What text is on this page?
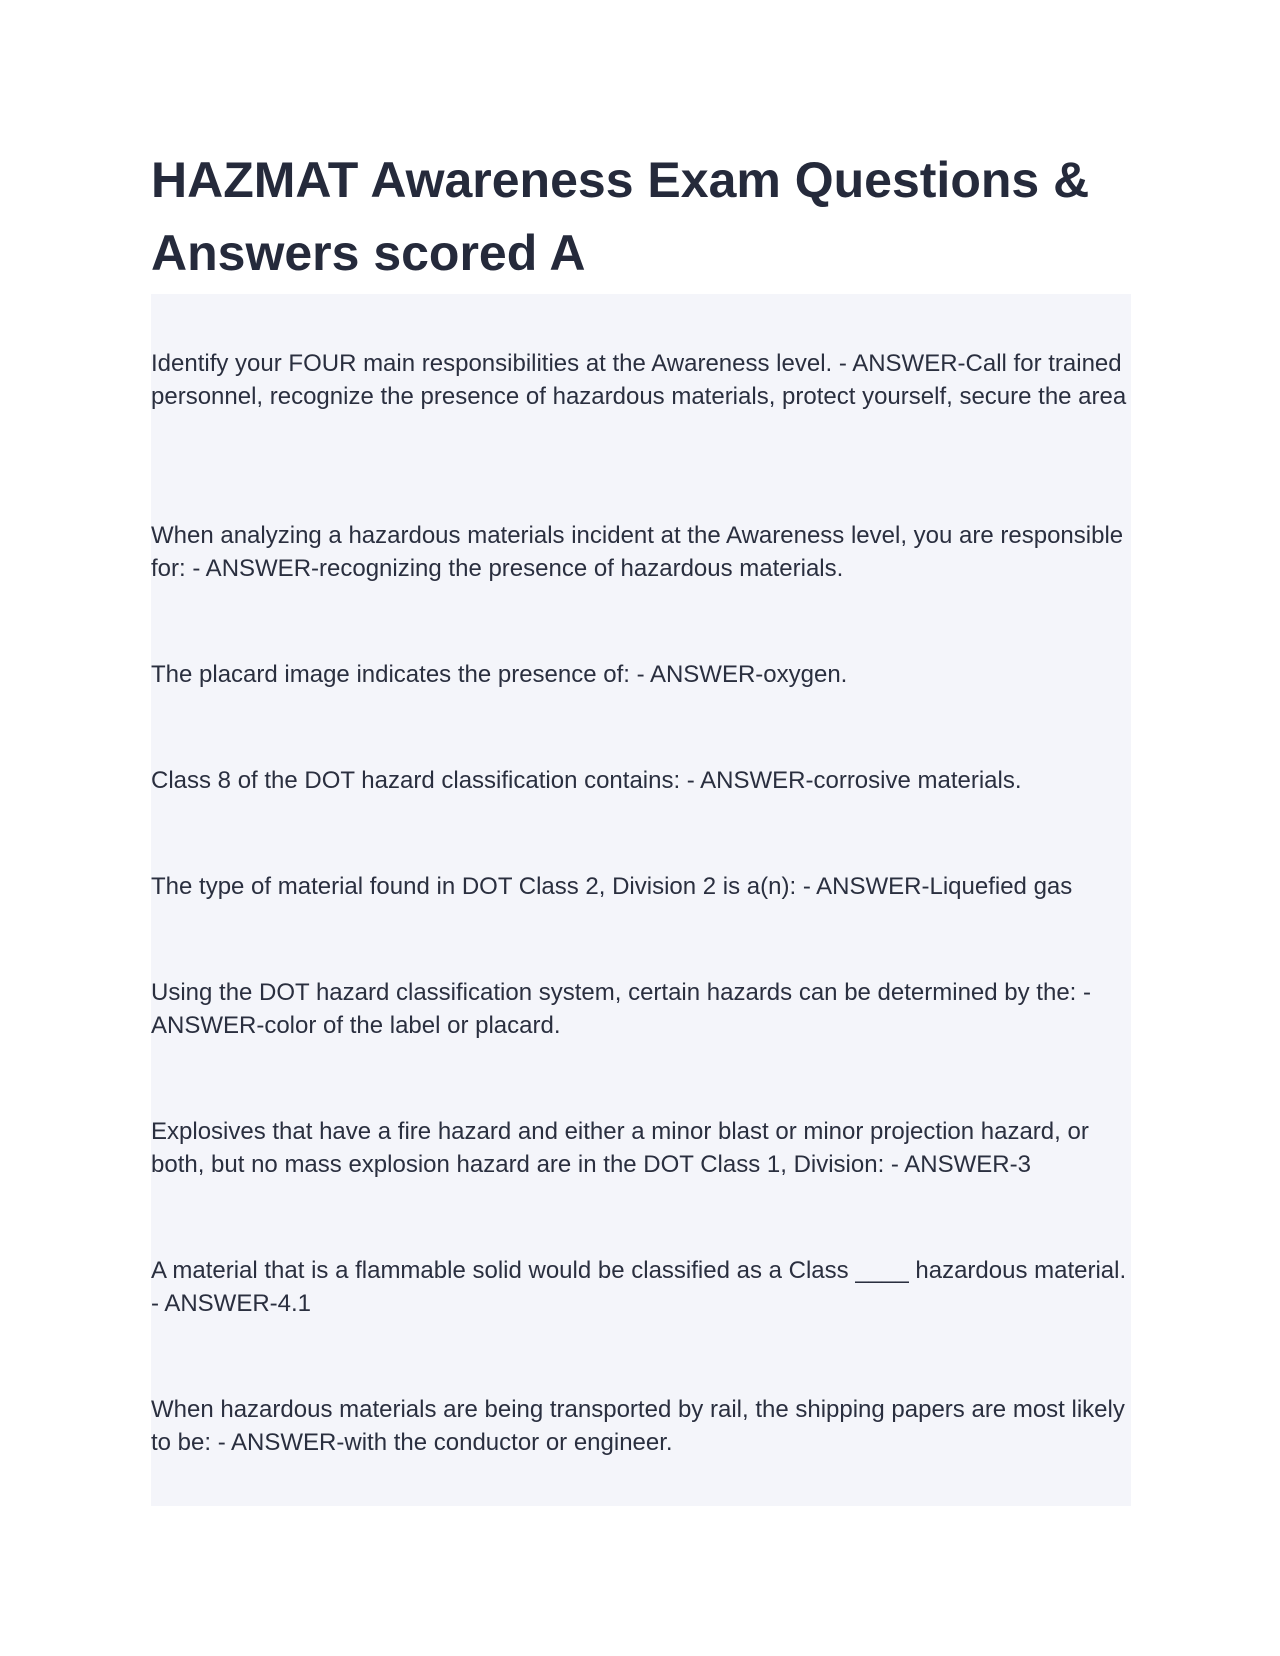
HAZMAT Awareness Exam Questions & Answers scored A

Identify your FOUR main responsibilities at the Awareness level. - ANSWER-Call for trained personnel, recognize the presence of hazardous materials, protect yourself, secure the area

When analyzing a hazardous materials incident at the Awareness level, you are responsible for: - ANSWER-recognizing the presence of hazardous materials.

The placard image indicates the presence of: - ANSWER-oxygen.

Class 8 of the DOT hazard classification contains: - ANSWER-corrosive materials.

The type of material found in DOT Class 2, Division 2 is a(n): - ANSWER-Liquefied gas

Using the DOT hazard classification system, certain hazards can be determined by the: - ANSWER-color of the label or placard.

Explosives that have a fire hazard and either a minor blast or minor projection hazard, or both, but no mass explosion hazard are in the DOT Class 1, Division: - ANSWER-3

A material that is a flammable solid would be classified as a Class ____ hazardous material. - ANSWER-4.1

When hazardous materials are being transported by rail, the shipping papers are most likely to be: - ANSWER-with the conductor or engineer.
